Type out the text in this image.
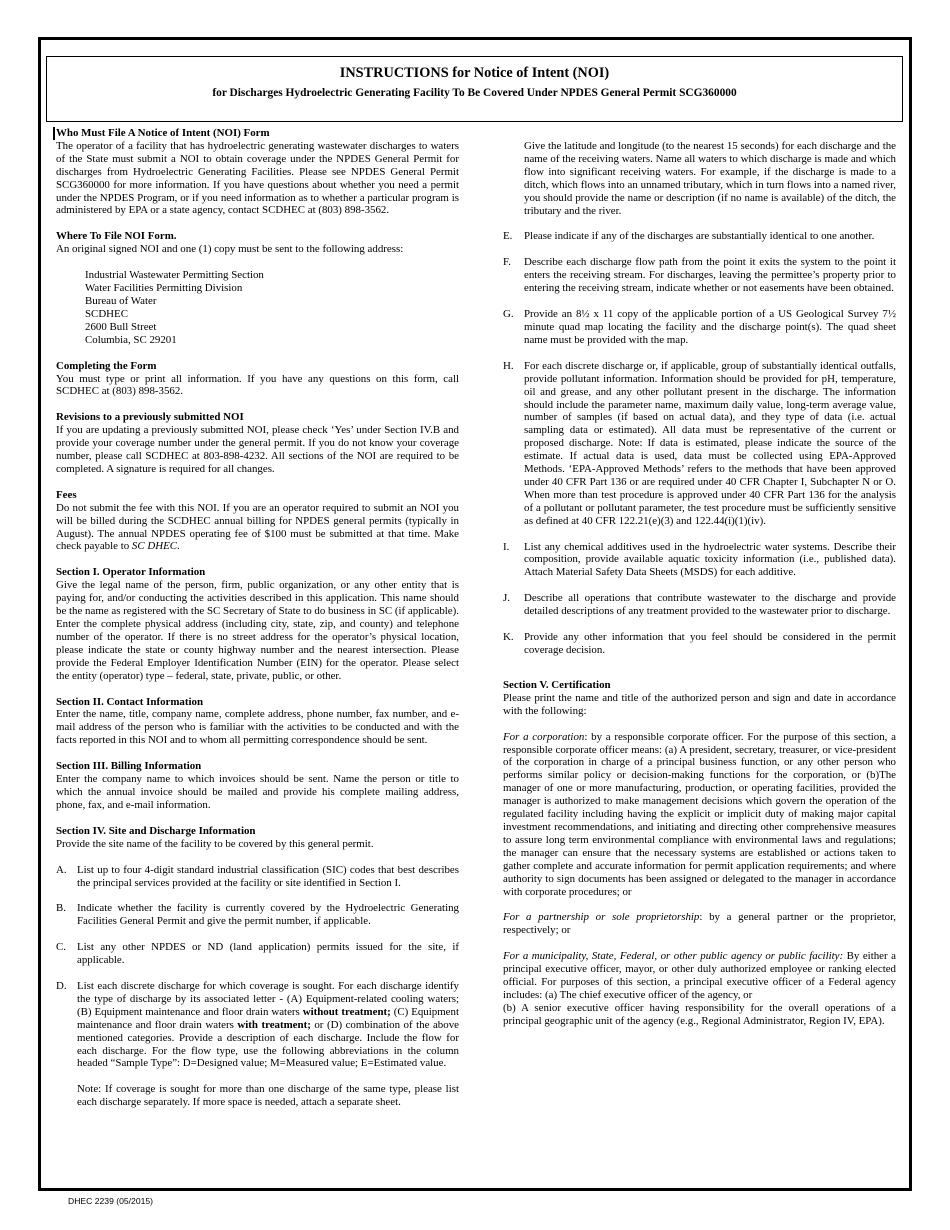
INSTRUCTIONS for Notice of Intent (NOI)
for Discharges Hydroelectric Generating Facility To Be Covered Under NPDES General Permit SCG360000
Who Must File A Notice of Intent (NOI) Form

The operator of a facility that has hydroelectric generating wastewater discharges to waters of the State must submit a NOI to obtain coverage under the NPDES General Permit for discharges from Hydroelectric Generating Facilities. Please see NPDES General Permit SCG360000 for more information. If you have questions about whether you need a permit under the NPDES Program, or if you need information as to whether a particular program is administered by EPA or a state agency, contact SCDHEC at (803) 898-3562.

Where To File NOI Form.

An original signed NOI and one (1) copy must be sent to the following address:

Industrial Wastewater Permitting Section
Water Facilities Permitting Division
Bureau of Water
SCDHEC
2600 Bull Street
Columbia, SC 29201
Completing the Form

You must type or print all information. If you have any questions on this form, call SCDHEC at (803) 898-3562.

Revisions to a previously submitted NOI

If you are updating a previously submitted NOI, please check ‘Yes’ under Section IV.B and provide your coverage number under the general permit. If you do not know your coverage number, please call SCDHEC at 803-898-4232. All sections of the NOI are required to be completed. A signature is required for all changes.

Fees

Do not submit the fee with this NOI. If you are an operator required to submit an NOI you will be billed during the SCDHEC annual billing for NPDES general permits (typically in August). The annual NPDES operating fee of $100 must be submitted at that time. Make check payable to SC DHEC.

Section I. Operator Information

Give the legal name of the person, firm, public organization, or any other entity that is paying for, and/or conducting the activities described in this application. This name should be the name as registered with the SC Secretary of State to do business in SC (if applicable). Enter the complete physical address (including city, state, zip, and county) and telephone number of the operator. If there is no street address for the operator’s physical location, please indicate the state or county highway number and the nearest intersection. Please provide the Federal Employer Identification Number (EIN) for the operator. Please select the entity (operator) type – federal, state, private, public, or other.

Section II. Contact Information

Enter the name, title, company name, complete address, phone number, fax number, and e-mail address of the person who is familiar with the activities to be conducted and with the facts reported in this NOI and to whom all permitting correspondence should be sent.

Section III. Billing Information

Enter the company name to which invoices should be sent. Name the person or title to which the annual invoice should be mailed and provide his complete mailing address, phone, fax, and e-mail information.

Section IV. Site and Discharge Information

Provide the site name of the facility to be covered by this general permit.

A. List up to four 4-digit standard industrial classification (SIC) codes that best describes the principal services provided at the facility or site identified in Section I.
B.	Indicate whether the facility is currently covered by the Hydroelectric Generating Facilities General Permit and give the permit number, if applicable.
C.	List any other NPDES or ND (land application) permits issued for the site, if applicable.
D. List each discrete discharge for which coverage is sought. For each discharge identify the type of discharge by its associated letter - (A) Equipment-related cooling waters; (B) Equipment maintenance and floor drain waters without treatment; (C) Equipment maintenance and floor drain waters with treatment; or (D) combination of the above mentioned categories. Provide a description of each discharge. Include the flow for each discharge. For the flow type, use the following abbreviations in the column headed “Sample Type”: D=Designed value; M=Measured value; E=Estimated value.

Note: If coverage is sought for more than one discharge of the same type, please list each discharge separately. If more space is needed, attach a separate sheet.

Give the latitude and longitude (to the nearest 15 seconds) for each discharge and the name of the receiving waters. Name all waters to which discharge is made and which flow into significant receiving waters. For example, if the discharge is made to a ditch, which flows into an unnamed tributary, which in turn flows into a named river, you should provide the name or description (if no name is available) of the ditch, the tributary and the river.

E.	Please indicate if any of the discharges are substantially identical to one another.
F.	Describe each discharge flow path from the point it exits the system to the point it enters the receiving stream. For discharges, leaving the permittee’s property prior to entering the receiving stream, indicate whether or not easements have been obtained.
G. Provide an 8½ x 11 copy of the applicable portion of a US Geological Survey 7½ minute quad map locating the facility and the discharge point(s). The quad sheet name must be provided with the map.
H. For each discrete discharge or, if applicable, group of substantially identical outfalls, provide pollutant information. Information should be provided for pH, temperature, oil and grease, and any other pollutant present in the discharge. The information should include the parameter name, maximum daily value, long-term average value, number of samples (if based on actual data), and they type of data (i.e. actual sampling data or estimated). All data must be representative of the current or proposed discharge. Note: If data is estimated, please indicate the source of the estimate. If actual data is used, data must be collected using EPA-Approved Methods. ‘EPA-Approved Methods’ refers to the methods that have been approved under 40 CFR Part 136 or are required under 40 CFR Chapter I, Subchapter N or O. When more than test procedure is approved under 40 CFR Part 136 for the analysis of a pollutant or pollutant parameter, the test procedure must be sufficiently sensitive as defined at 40 CFR 122.21(e)(3) and 122.44(i)(1)(iv).
I.	List any chemical additives used in the hydroelectric water systems. Describe their composition, provide available aquatic toxicity information (i.e., published data). Attach Material Safety Data Sheets (MSDS) for each additive.
J.	Describe all operations that contribute wastewater to the discharge and provide detailed descriptions of any treatment provided to the wastewater prior to discharge.
K. Provide any other information that you feel should be considered in the permit coverage decision.
Section V. Certification

Please print the name and title of the authorized person and sign and date in accordance with the following:

For a corporation: by a responsible corporate officer. For the purpose of this section, a responsible corporate officer means: (a) A president, secretary, treasurer, or vice-president of the corporation in charge of a principal business function, or any other person who performs similar policy or decision-making functions for the corporation, or (b)The manager of one or more manufacturing, production, or operating facilities, provided the manager is authorized to make management decisions which govern the operation of the regulated facility including having the explicit or implicit duty of making major capital investment recommendations, and initiating and directing other comprehensive measures to assure long term environmental compliance with environmental laws and regulations; the manager can ensure that the necessary systems are established or actions taken to gather complete and accurate information for permit application requirements; and where authority to sign documents has been assigned or delegated to the manager in accordance with corporate procedures; or

For a partnership or sole proprietorship: by a general partner or the proprietor, respectively; or

For a municipality, State, Federal, or other public agency or public facility: By either a principal executive officer, mayor, or other duly authorized employee or ranking elected official. For purposes of this section, a principal executive officer of a Federal agency includes: (a) The chief executive officer of the agency, or

(b) A senior executive officer having responsibility for the overall operations of a principal geographic unit of the agency (e.g., Regional Administrator, Region IV, EPA).

DHEC 2239 (05/2015)
